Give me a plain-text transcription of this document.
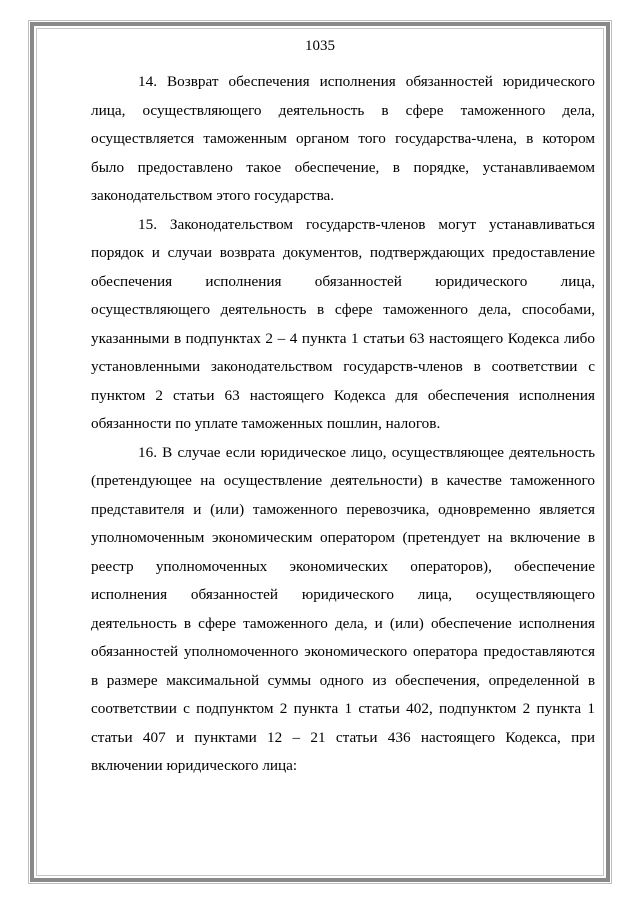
1035

14. Возврат обеспечения исполнения обязанностей юридического лица, осуществляющего деятельность в сфере таможенного дела, осуществляется таможенным органом того государства-члена, в котором было предоставлено такое обеспечение, в порядке, устанавливаемом законодательством этого государства.

15. Законодательством государств-членов могут устанавливаться порядок и случаи возврата документов, подтверждающих предоставление обеспечения исполнения обязанностей юридического лица, осуществляющего деятельность в сфере таможенного дела, способами, указанными в подпунктах 2 – 4 пункта 1 статьи 63 настоящего Кодекса либо установленными законодательством государств-членов в соответствии с пунктом 2 статьи 63 настоящего Кодекса для обеспечения исполнения обязанности по уплате таможенных пошлин, налогов.

16. В случае если юридическое лицо, осуществляющее деятельность (претендующее на осуществление деятельности) в качестве таможенного представителя и (или) таможенного перевозчика, одновременно является уполномоченным экономическим оператором (претендует на включение в реестр уполномоченных экономических операторов), обеспечение исполнения обязанностей юридического лица, осуществляющего деятельность в сфере таможенного дела, и (или) обеспечение исполнения обязанностей уполномоченного экономического оператора предоставляются в размере максимальной суммы одного из обеспечения, определенной в соответствии с подпунктом 2 пункта 1 статьи 402, подпунктом 2 пункта 1 статьи 407 и пунктами 12 – 21 статьи 436 настоящего Кодекса, при включении юридического лица:
